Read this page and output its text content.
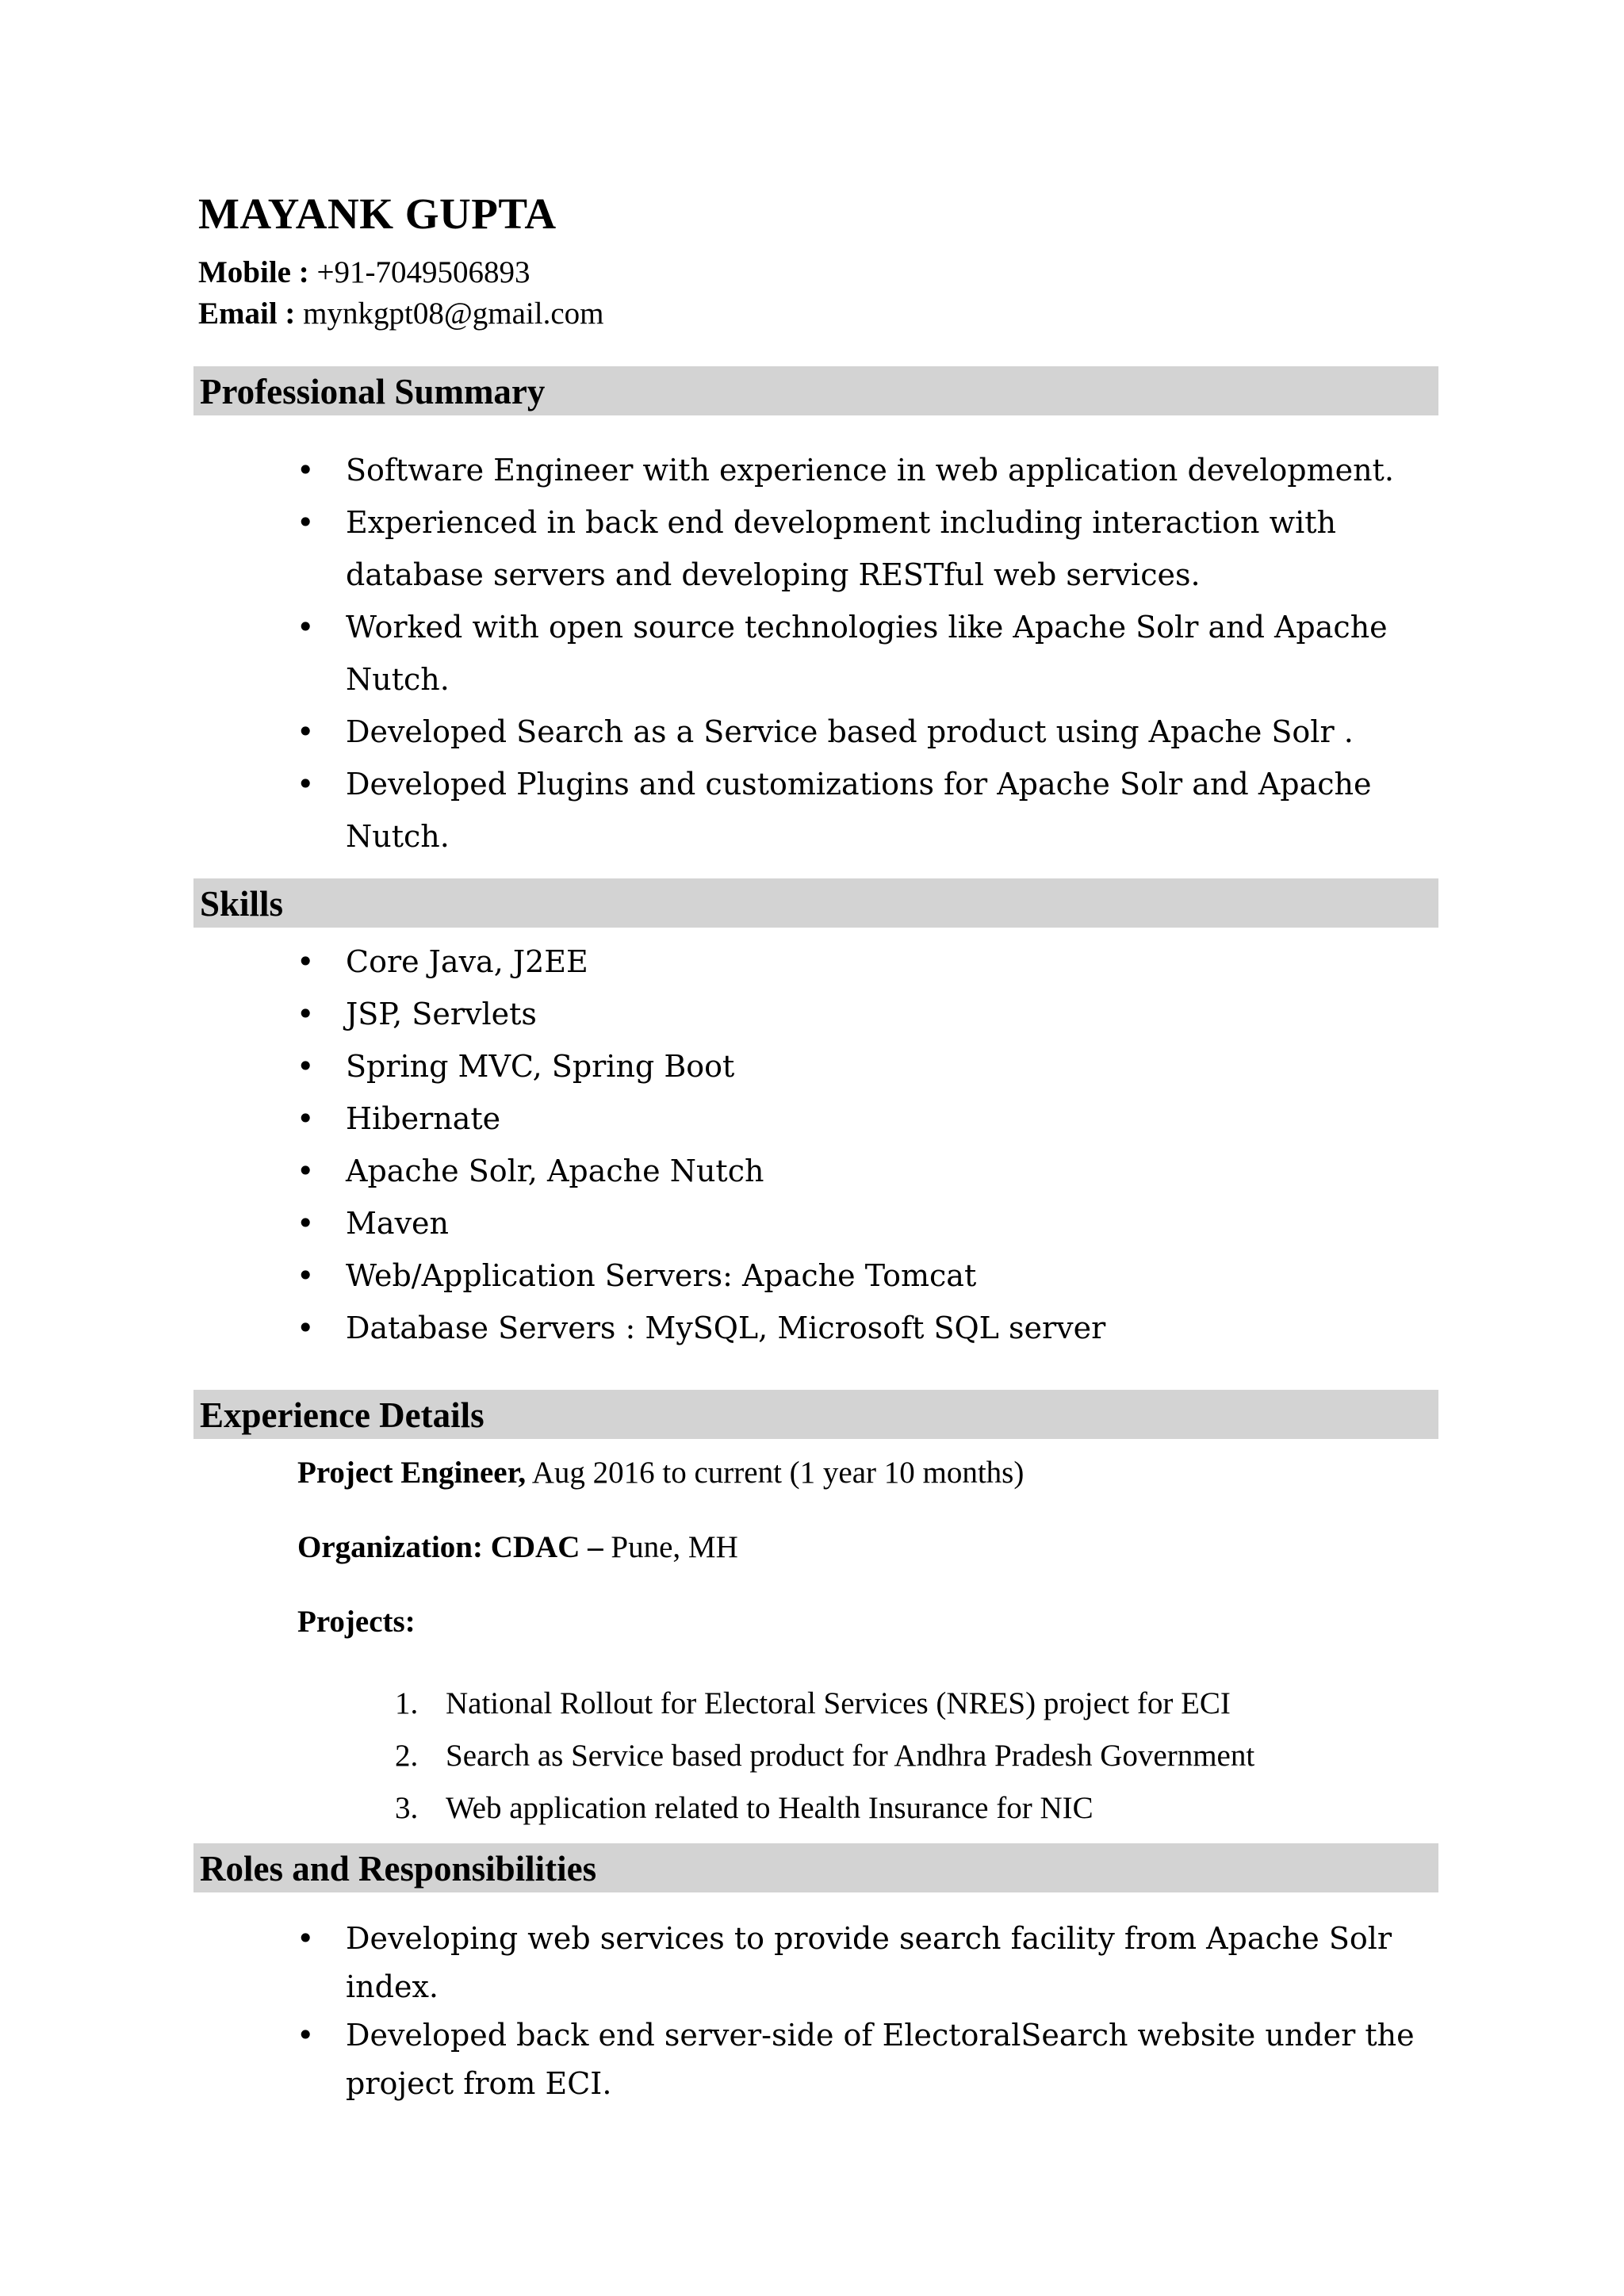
MAYANK GUPTA
Mobile : +91-7049506893
Email : mynkgpt08@gmail.com
Professional Summary
• Software Engineer with experience in web application development.
• Experienced in back end development including interaction with database servers and developing RESTful web services.
• Worked with open source technologies like Apache Solr and Apache Nutch.
• Developed Search as a Service based product using Apache Solr .
• Developed Plugins and customizations for Apache Solr and Apache Nutch.
Skills
• Core Java, J2EE
• JSP, Servlets
• Spring MVC, Spring Boot
• Hibernate
• Apache Solr, Apache Nutch
• Maven
• Web/Application Servers: Apache Tomcat
• Database Servers : MySQL, Microsoft SQL server
Experience Details
Project Engineer, Aug 2016 to current (1 year 10 months)
Organization: CDAC – Pune, MH
Projects:
1. National Rollout for Electoral Services (NRES) project for ECI
2. Search as Service based product for Andhra Pradesh Government
3. Web application related to Health Insurance for NIC
Roles and Responsibilities
• Developing web services to provide search facility from Apache Solr index.
• Developed back end server-side of ElectoralSearch website under the project from ECI.
